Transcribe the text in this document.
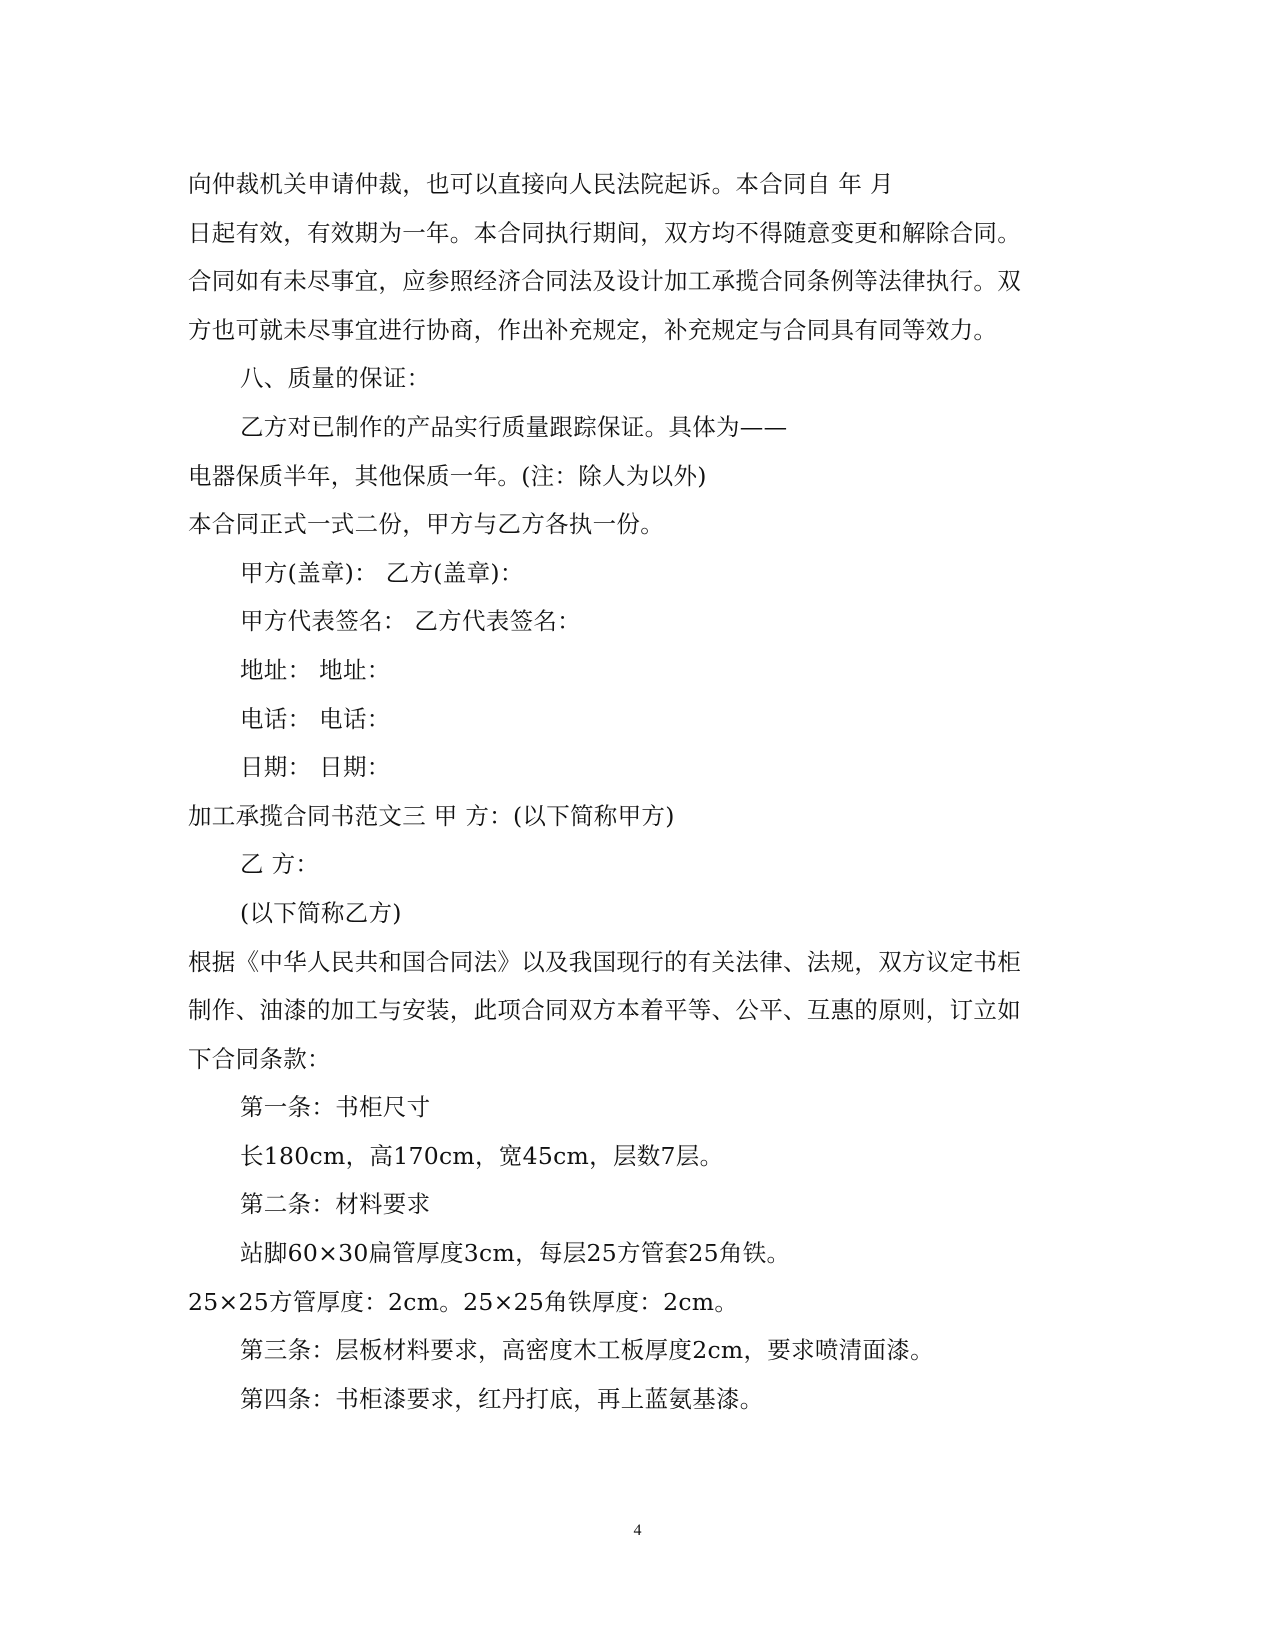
向仲裁机关申请仲裁，也可以直接向人民法院起诉。本合同自 年 月
日起有效，有效期为一年。本合同执行期间，双方均不得随意变更和解除合同。
合同如有未尽事宜，应参照经济合同法及设计加工承揽合同条例等法律执行。双
方也可就未尽事宜进行协商，作出补充规定，补充规定与合同具有同等效力。
八、质量的保证：
乙方对已制作的产品实行质量跟踪保证。具体为——
电器保质半年，其他保质一年。(注：除人为以外)
本合同正式一式二份，甲方与乙方各执一份。
甲方(盖章)： 乙方(盖章)：
甲方代表签名： 乙方代表签名：
地址： 地址：
电话： 电话：
日期： 日期：
加工承揽合同书范文三 甲 方：(以下简称甲方)
乙 方：
(以下简称乙方)
根据《中华人民共和国合同法》以及我国现行的有关法律、法规，双方议定书柜
制作、油漆的加工与安装，此项合同双方本着平等、公平、互惠的原则，订立如
下合同条款：
第一条：书柜尺寸
长180cm，高170cm，宽45cm，层数7层。
第二条：材料要求
站脚60×30扁管厚度3cm，每层25方管套25角铁。
25×25方管厚度：2cm。25×25角铁厚度：2cm。
第三条：层板材料要求，高密度木工板厚度2cm，要求喷清面漆。
第四条：书柜漆要求，红丹打底，再上蓝氨基漆。
4
